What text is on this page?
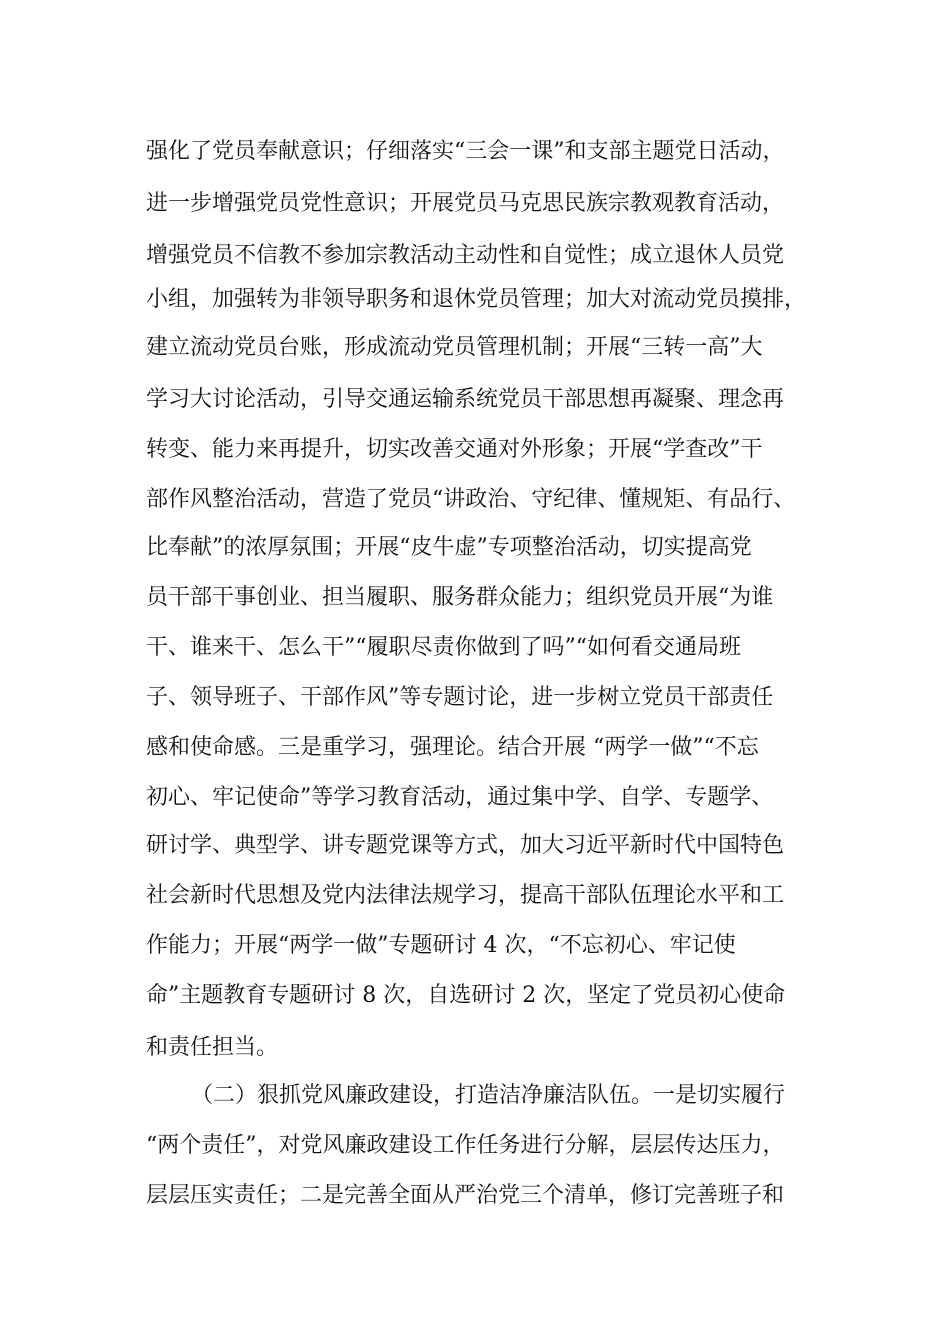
强化了党员奉献意识；仔细落实“三会一课”和支部主题党日活动，
进一步增强党员党性意识；开展党员马克思民族宗教观教育活动，
增强党员不信教不参加宗教活动主动性和自觉性；成立退休人员党
小组，加强转为非领导职务和退休党员管理；加大对流动党员摸排，
建立流动党员台账，形成流动党员管理机制；开展“三转一高”大
学习大讨论活动，引导交通运输系统党员干部思想再凝聚、理念再
转变、能力来再提升，切实改善交通对外形象；开展“学查改”干
部作风整治活动，营造了党员“讲政治、守纪律、懂规矩、有品行、
比奉献”的浓厚氛围；开展“皮牛虚”专项整治活动，切实提高党
员干部干事创业、担当履职、服务群众能力；组织党员开展“为谁
干、谁来干、怎么干”“履职尽责你做到了吗”“如何看交通局班
子、领导班子、干部作风”等专题讨论，进一步树立党员干部责任
感和使命感。三是重学习，强理论。结合开展 “两学一做”“不忘
初心、牢记使命”等学习教育活动，通过集中学、自学、专题学、
研讨学、典型学、讲专题党课等方式，加大习近平新时代中国特色
社会新时代思想及党内法律法规学习，提高干部队伍理论水平和工
作能力；开展“两学一做”专题研讨 4 次，“不忘初心、牢记使
命”主题教育专题研讨 8 次，自选研讨 2 次，坚定了党员初心使命
和责任担当。
（二）狠抓党风廉政建设，打造洁净廉洁队伍。一是切实履行
“两个责任”，对党风廉政建设工作任务进行分解，层层传达压力，
层层压实责任；二是完善全面从严治党三个清单，修订完善班子和
